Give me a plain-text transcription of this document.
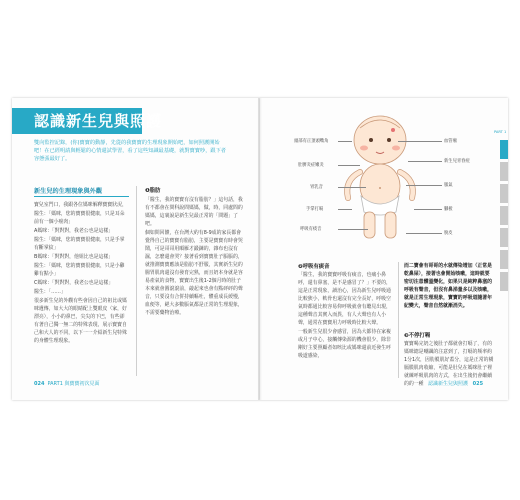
認識新生兒與照護
雙向監控記錄，(你)寶寶的動靜，先從的我寶寶的生理現象開始吧，如何照護開始吧！在已經明請與輕鬆的心情還試學習，看了這些知識最基礎，就對寶寶吵，跟下者容態張最好了。
新生兒的生理現象與外觀

寶兒室門口，我跟各位媽咪解釋寶寶狀況，

醫生：「媽咪，您的寶寶很健康，只是耳朵前有一個小癌肉」

A媽咪：「對對對，我老公也是這樣」

醫生：「媽咪，您的寶寶很健康，只是手掌有斷掌紋」

B媽咪：「對對對，他姐比也是這樣」

醫生：「媽咪，您的寶寶很健康，只是小雞雞有點小」

C媽咪：「對對對，我老公也是這樣」

醫生：「……」

很多新生兒的外觀有些會因自己的祖比或媽咪遺傳，如大大的眼睛配上雙眼皮（家，好漂亮），小小的鼻巴，尖尖的下巴，有些卻有著自己獨一無二的特殊表現，展示寶寶自己和大人的不同，以下一一介紹新生兒特殊的身體生理現象。

❶脂肪

「醫生，我的寶寶有沒有脂肪？」這句話，我有不都會在問科說問媽媽，做，時，同處問的媽媽，這裏說是新生兒最正常的「問題」了吧。

個如問回饋，在台灣大約有8-9成的家長都會覺得自己的寶寶有脂肪，主要是寶寶有時會哭鬧，可是哥哥用順雁才鍛鍊的，雜布也沒有濕，怎麼還會哭？接著看到寶寶肚子脹脹的，就推測寶寶應該是脂肪不舒服，其實新生兒的腸胃肌肉還沒有發育完熟，而且奶本身就是容易產氣的食物，寶寶出生後1-2個月時的肚子本來就會圓滾滾前，敲起來也會有點砰砰的聲音，只要沒有合併持續嘔吐，體重成長緩慢，血便等，絕大多數脹氣都是正常的生理現象，不需要藥物治療。

❷呼吸有痰音

「醫生，我的寶寶呼吸有痰音，也痛小鼻呼，還有鼻塞，是不是感冒了？」不要的，這是正常現象，讀治心，因為新生兒呼吸通比較狹小，軟骨也還沒有完全長好，呼吸空氣時都通比較容易仰呼吸就會有聽見出現，這種聲音其實入而異，有人大聲也有人小聲，通常在寶寶用力呼吸時比較大聲。

一般新生兒很少會感冒，因為大都待在家複或月子中心，接觸傳染源的機會很少，除非剛好主要照顧者如咳比或媽咪還前近發生呼吸道感染，

而二寶會有哥哥的水就傳染增加（正常是乾鼻屎），接著也會開始咳嗽，這時就要密切注意體溫變化，如果只是純粹鼻塞的呼吸有聲音，但沒有鼻涕量多以及咳嗽，就是正常生理現象，寶寶的呼吸道隨著年紀變大，聲音自然就漸消失。

❸不停打嗝

寶寶喝完奶之後肚子都就會打嗝了，有的媽咪總是嘲諷的注意到了，打嗝的频率約1分1次，因肋膜肌好蓋分，這是正常的橫膈膜肌肉收縮，可能是肚兒在媽咪肚子裡就練呼吸肌肉的方式，在出生後仍會繼續的的一種

頭部有正頂頭嘴角
肚臍炎症嫩炎
胃乳音
手掌打嗝
呼吸有痰音
血管瘤
新生兒青春痘
脹氣
腳板
脫皮
024 PART1 與寶寶初次見面	認識新生兒與照護 025
PART 1
